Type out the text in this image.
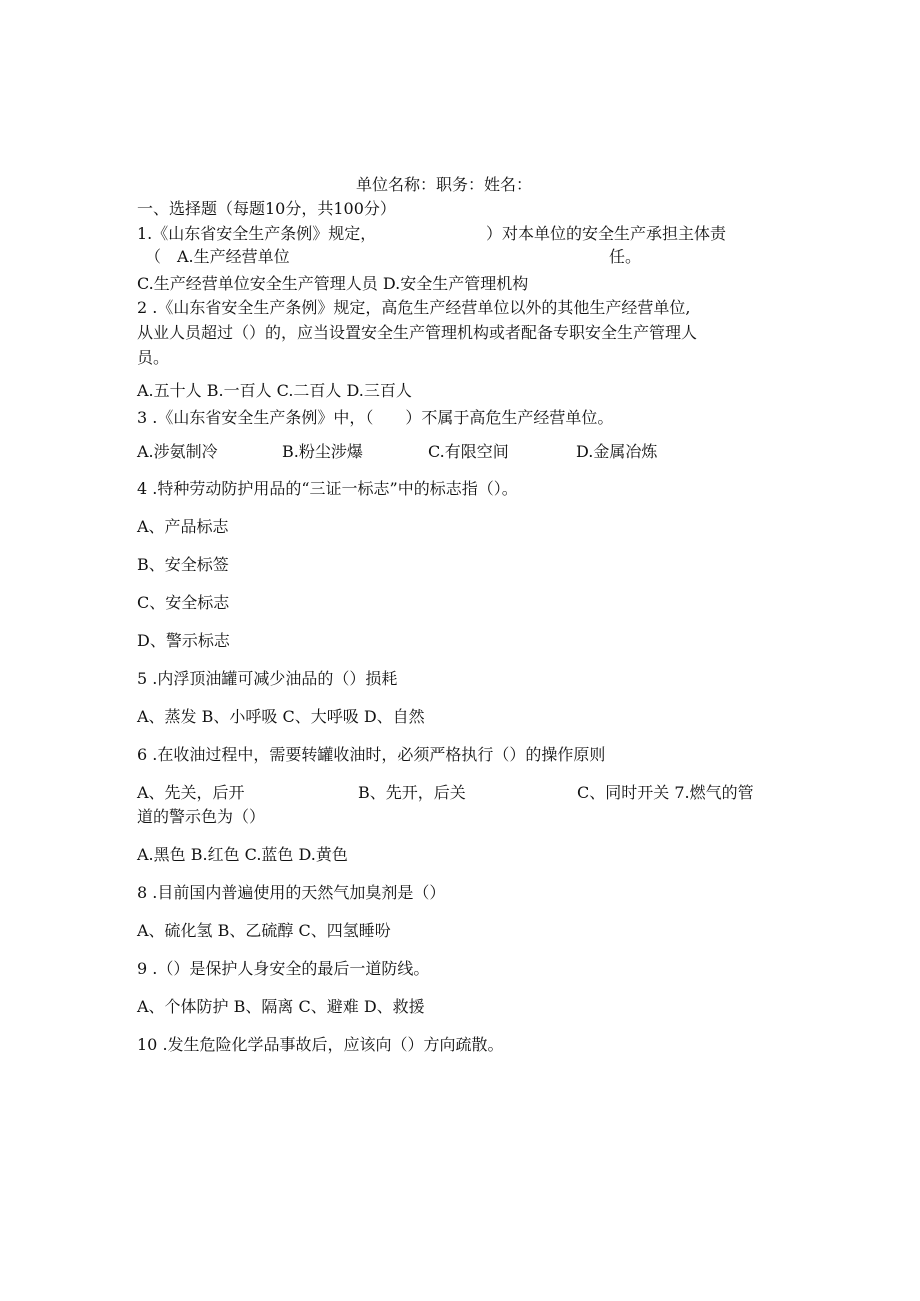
单位名称：职务：姓名：
一、选择题（每题10分，共100分）
1.《山东省安全生产条例》规定，	）对本单位的安全生产承担主体责
（ A.生产经营单位	任。
C.生产经营单位安全生产管理人员 D.安全生产管理机构
2 .《山东省安全生产条例》规定，高危生产经营单位以外的其他生产经营单位,
从业人员超过（）的，应当设置安全生产管理机构或者配备专职安全生产管理人
员。
A.五十人 B.一百人 C.二百人 D.三百人
3 .《山东省安全生产条例》中，（　　）不属于高危生产经营单位。
A.涉氨制冷	B.粉尘涉爆	C.有限空间	D.金属冶炼
4 .特种劳动防护用品的“三证一标志”中的标志指（）。
A、产品标志
B、安全标签
C、安全标志
D、警示标志
5 .内浮顶油罐可减少油品的（）损耗
A、蒸发 B、小呼吸 C、大呼吸 D、自然
6 .在收油过程中，需要转罐收油时，必须严格执行（）的操作原则
A、先关，后开	B、先开，后关	C、同时开关 7.燃气的管
道的警示色为（）
A.黑色 B.红色 C.蓝色 D.黄色
8 .目前国内普遍使用的天然气加臭剂是（）
A、硫化氢 B、乙硫醇 C、四氢睡吩
9 .（）是保护人身安全的最后一道防线。
A、个体防护 B、隔离 C、避难 D、救援
10 .发生危险化学品事故后，应该向（）方向疏散。
